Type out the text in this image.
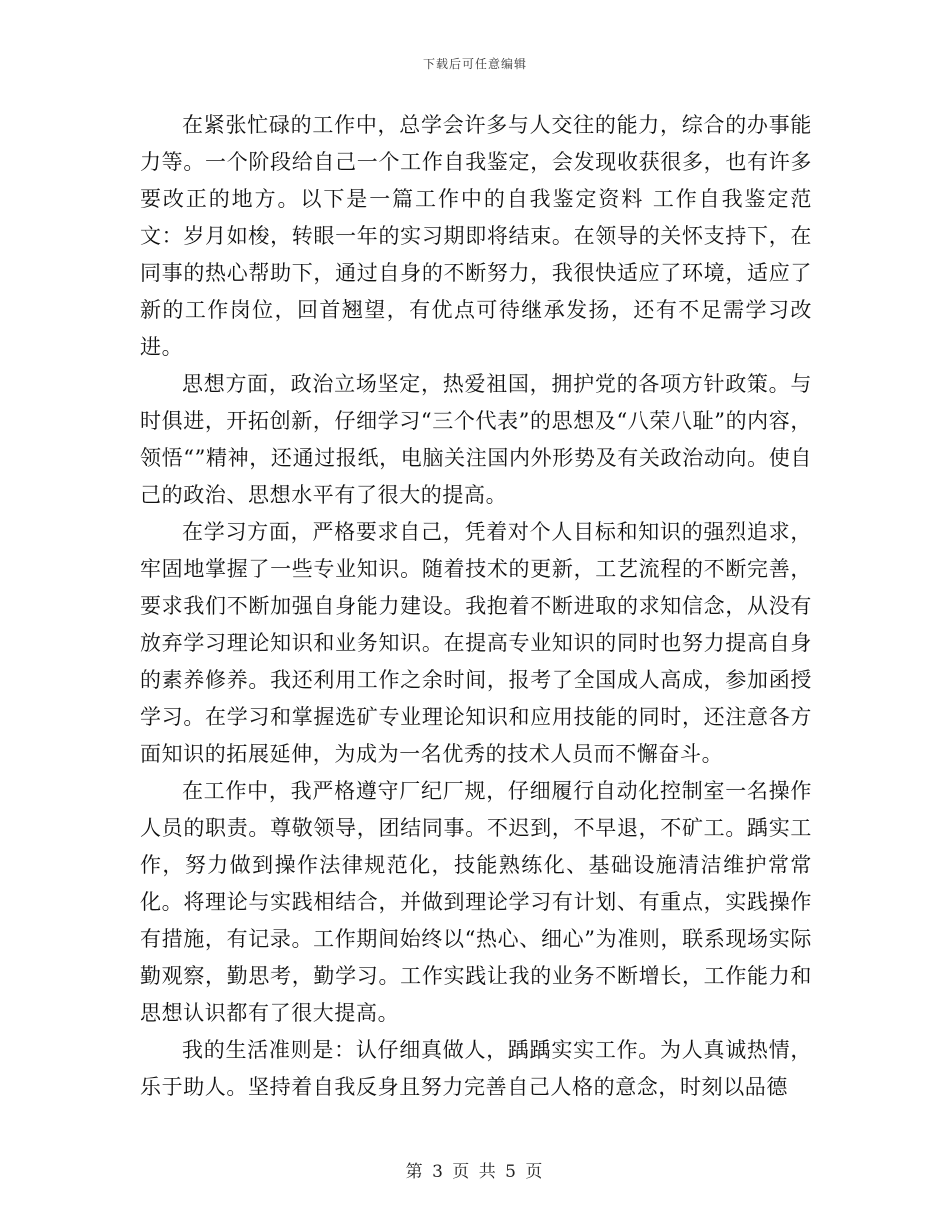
下载后可任意编辑

在紧张忙碌的工作中，总学会许多与人交往的能力，综合的办事能力等。一个阶段给自己一个工作自我鉴定，会发现收获很多，也有许多要改正的地方。以下是一篇工作中的自我鉴定资料 工作自我鉴定范文：岁月如梭，转眼一年的实习期即将结束。在领导的关怀支持下，在同事的热心帮助下，通过自身的不断努力，我很快适应了环境，适应了新的工作岗位，回首翘望，有优点可待继承发扬，还有不足需学习改进。

思想方面，政治立场坚定，热爱祖国，拥护党的各项方针政策。与时俱进，开拓创新，仔细学习“三个代表”的思想及“八荣八耻”的内容，领悟“”精神，还通过报纸，电脑关注国内外形势及有关政治动向。使自己的政治、思想水平有了很大的提高。

在学习方面，严格要求自己，凭着对个人目标和知识的强烈追求，牢固地掌握了一些专业知识。随着技术的更新，工艺流程的不断完善，要求我们不断加强自身能力建设。我抱着不断进取的求知信念，从没有放弃学习理论知识和业务知识。在提高专业知识的同时也努力提高自身的素养修养。我还利用工作之余时间，报考了全国成人高成，参加函授学习。在学习和掌握选矿专业理论知识和应用技能的同时，还注意各方面知识的拓展延伸，为成为一名优秀的技术人员而不懈奋斗。

在工作中，我严格遵守厂纪厂规，仔细履行自动化控制室一名操作人员的职责。尊敬领导，团结同事。不迟到，不早退，不矿工。踽实工作，努力做到操作法律规范化，技能熟练化、基础设施清洁维护常常化。将理论与实践相结合，并做到理论学习有计划、有重点，实践操作有措施，有记录。工作期间始终以“热心、细心”为准则，联系现场实际勤观察，勤思考，勤学习。工作实践让我的业务不断增长，工作能力和思想认识都有了很大提高。

我的生活准则是：认仔细真做人，踽踽实实工作。为人真诚热情，乐于助人。坚持着自我反身且努力完善自己人格的意念，时刻以品德

第 3 页 共 5 页
